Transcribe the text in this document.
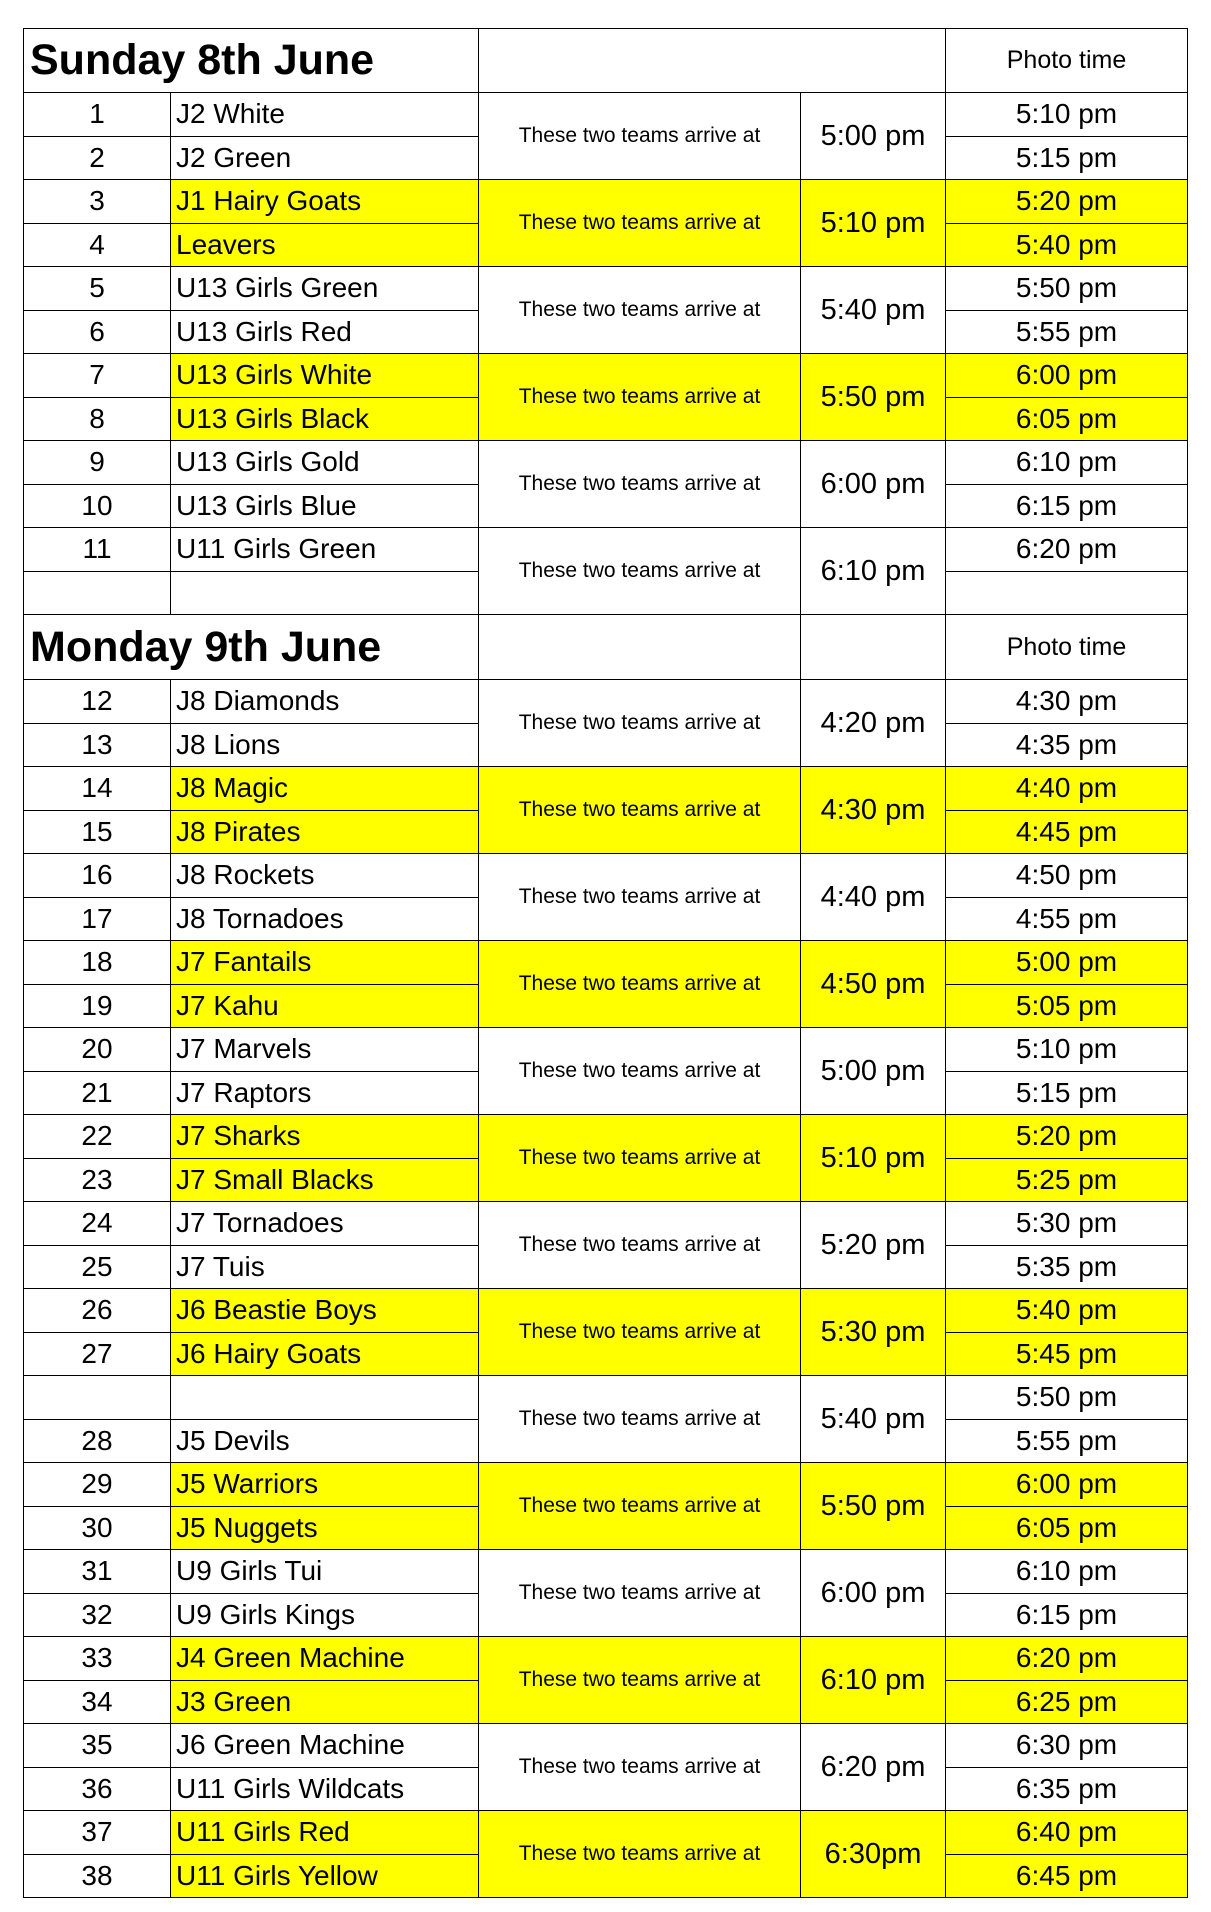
Sunday 8th June				Photo time
1	J2 White	These two teams arrive at	5:00 pm	5:10 pm
2	J2 Green			5:15 pm
3	J1 Hairy Goats	These two teams arrive at	5:10 pm	5:20 pm
4	Leavers			5:40 pm
5	U13 Girls Green	These two teams arrive at	5:40 pm	5:50 pm
6	U13 Girls Red			5:55 pm
7	U13 Girls White	These two teams arrive at	5:50 pm	6:00 pm
8	U13 Girls Black			6:05 pm
9	U13 Girls Gold	These two teams arrive at	6:00 pm	6:10 pm
10	U13 Girls Blue			6:15 pm
11	U11 Girls Green	These two teams arrive at	6:10 pm	6:20 pm

Monday 9th June				Photo time
12	J8 Diamonds	These two teams arrive at	4:20 pm	4:30 pm
13	J8 Lions			4:35 pm
14	J8 Magic	These two teams arrive at	4:30 pm	4:40 pm
15	J8 Pirates			4:45 pm
16	J8 Rockets	These two teams arrive at	4:40 pm	4:50 pm
17	J8 Tornadoes			4:55 pm
18	J7 Fantails	These two teams arrive at	4:50 pm	5:00 pm
19	J7 Kahu			5:05 pm
20	J7 Marvels	These two teams arrive at	5:00 pm	5:10 pm
21	J7 Raptors			5:15 pm
22	J7 Sharks	These two teams arrive at	5:10 pm	5:20 pm
23	J7 Small Blacks			5:25 pm
24	J7 Tornadoes	These two teams arrive at	5:20 pm	5:30 pm
25	J7 Tuis			5:35 pm
26	J6 Beastie Boys	These two teams arrive at	5:30 pm	5:40 pm
27	J6 Hairy Goats			5:45 pm
		These two teams arrive at	5:40 pm	5:50 pm
28	J5 Devils			5:55 pm
29	J5 Warriors	These two teams arrive at	5:50 pm	6:00 pm
30	J5 Nuggets			6:05 pm
31	U9 Girls Tui	These two teams arrive at	6:00 pm	6:10 pm
32	U9 Girls Kings			6:15 pm
33	J4 Green Machine	These two teams arrive at	6:10 pm	6:20 pm
34	J3 Green			6:25 pm
35	J6 Green Machine	These two teams arrive at	6:20 pm	6:30 pm
36	U11 Girls Wildcats			6:35 pm
37	U11 Girls Red	These two teams arrive at	6:30pm	6:40 pm
38	U11 Girls Yellow			6:45 pm
